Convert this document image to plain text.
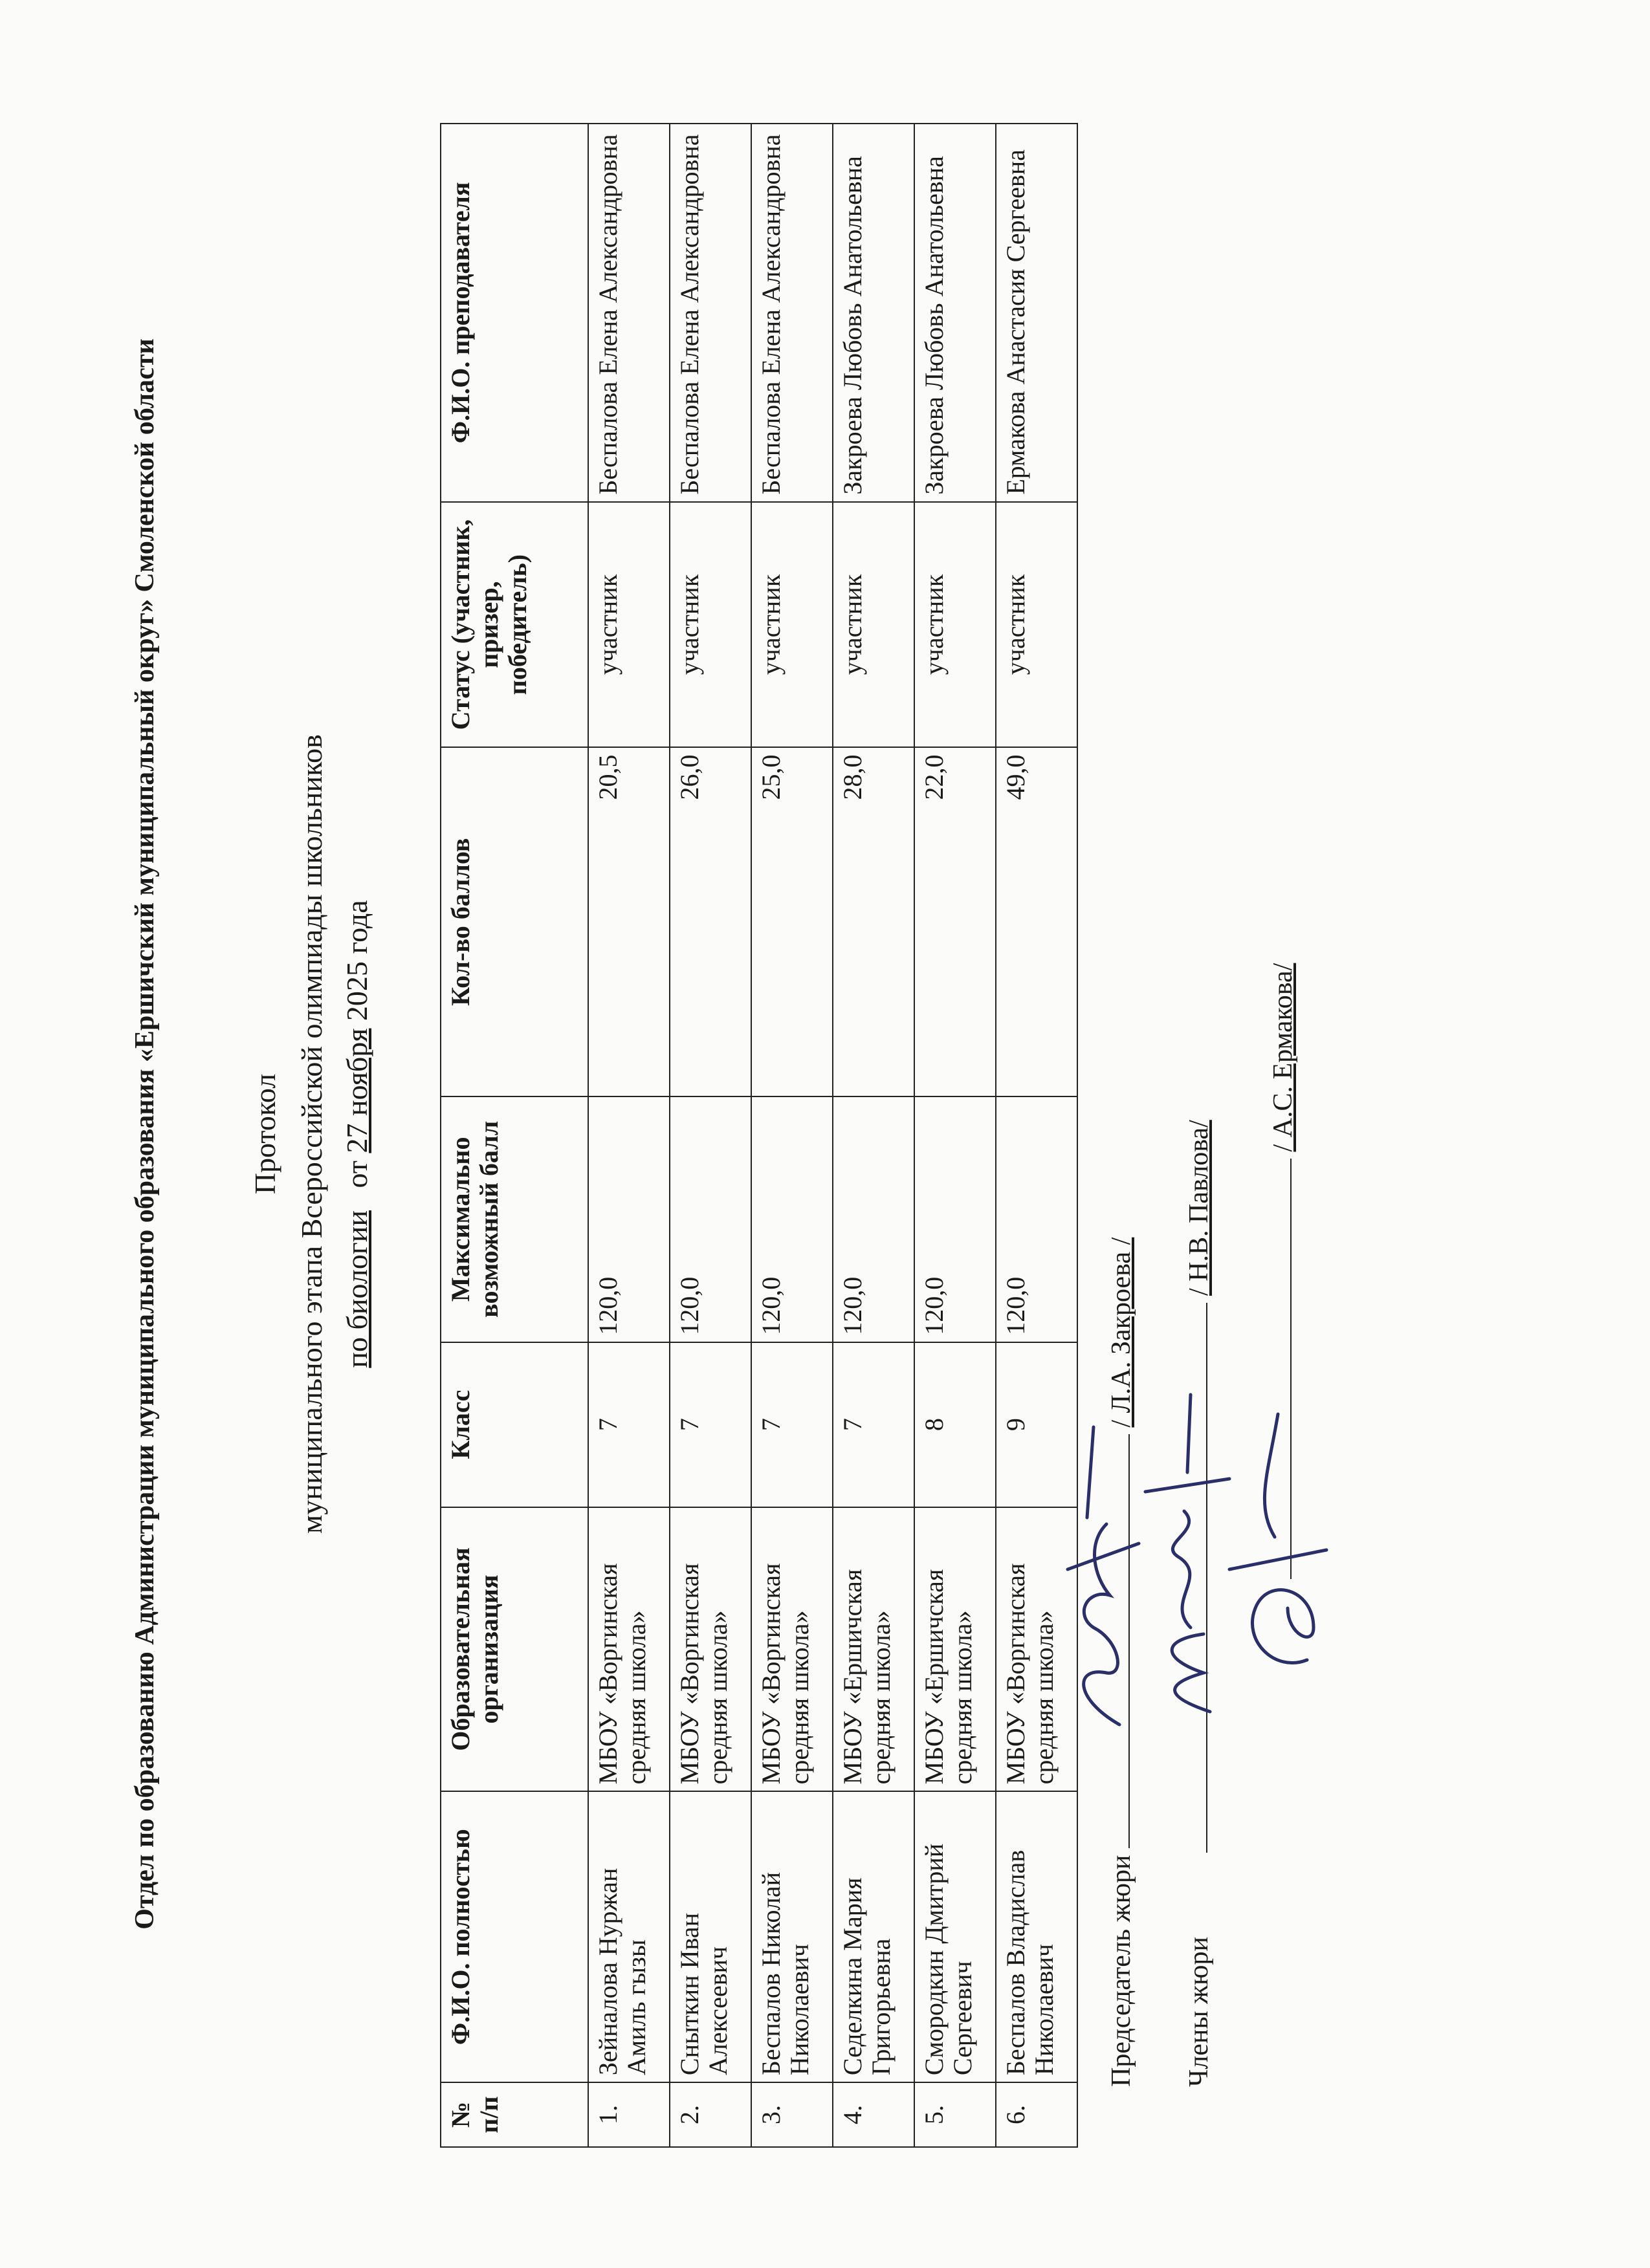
Отдел по образованию Администрации муниципального образования «Ершичский муниципальный округ» Смоленской области	Протокол муниципального этапа Всероссийской олимпиады школьников по биологии   от 27 ноября 2025 года
№ п/п	Ф.И.О. полностью	Образовательная организация	Класс	Максимально возможный балл	Кол-во баллов	Статус (участник, призер, победитель)	Ф.И.О. преподавателя
1.	Зейналова Нуржан Амиль гызы	МБОУ «Воргинская средняя школа»	7	120,0	20,5	участник	Беспалова Елена Александровна
2.	Сныткин Иван Алексеевич	МБОУ «Воргинская средняя школа»	7	120,0	26,0	участник	Беспалова Елена Александровна
3.	Беспалов Николай Николаевич	МБОУ «Воргинская средняя школа»	7	120,0	25,0	участник	Беспалова Елена Александровна
4.	Седелкина Мария Григорьевна	МБОУ «Ершичская средняя школа»	7	120,0	28,0	участник	Закроева Любовь Анатольевна
5.	Смородкин Дмитрий Сергеевич	МБОУ «Ершичская средняя школа»	8	120,0	22,0	участник	Закроева Любовь Анатольевна
6.	Беспалов Владислав Николаевич	МБОУ «Воргинская средняя школа»	9	120,0	49,0	участник	Ермакова Анастасия Сергеевна
Председатель жюри  / Л.А. Закроева /
Члены жюри  / Н.В. Павлова/
/ А.С. Ермакова/
